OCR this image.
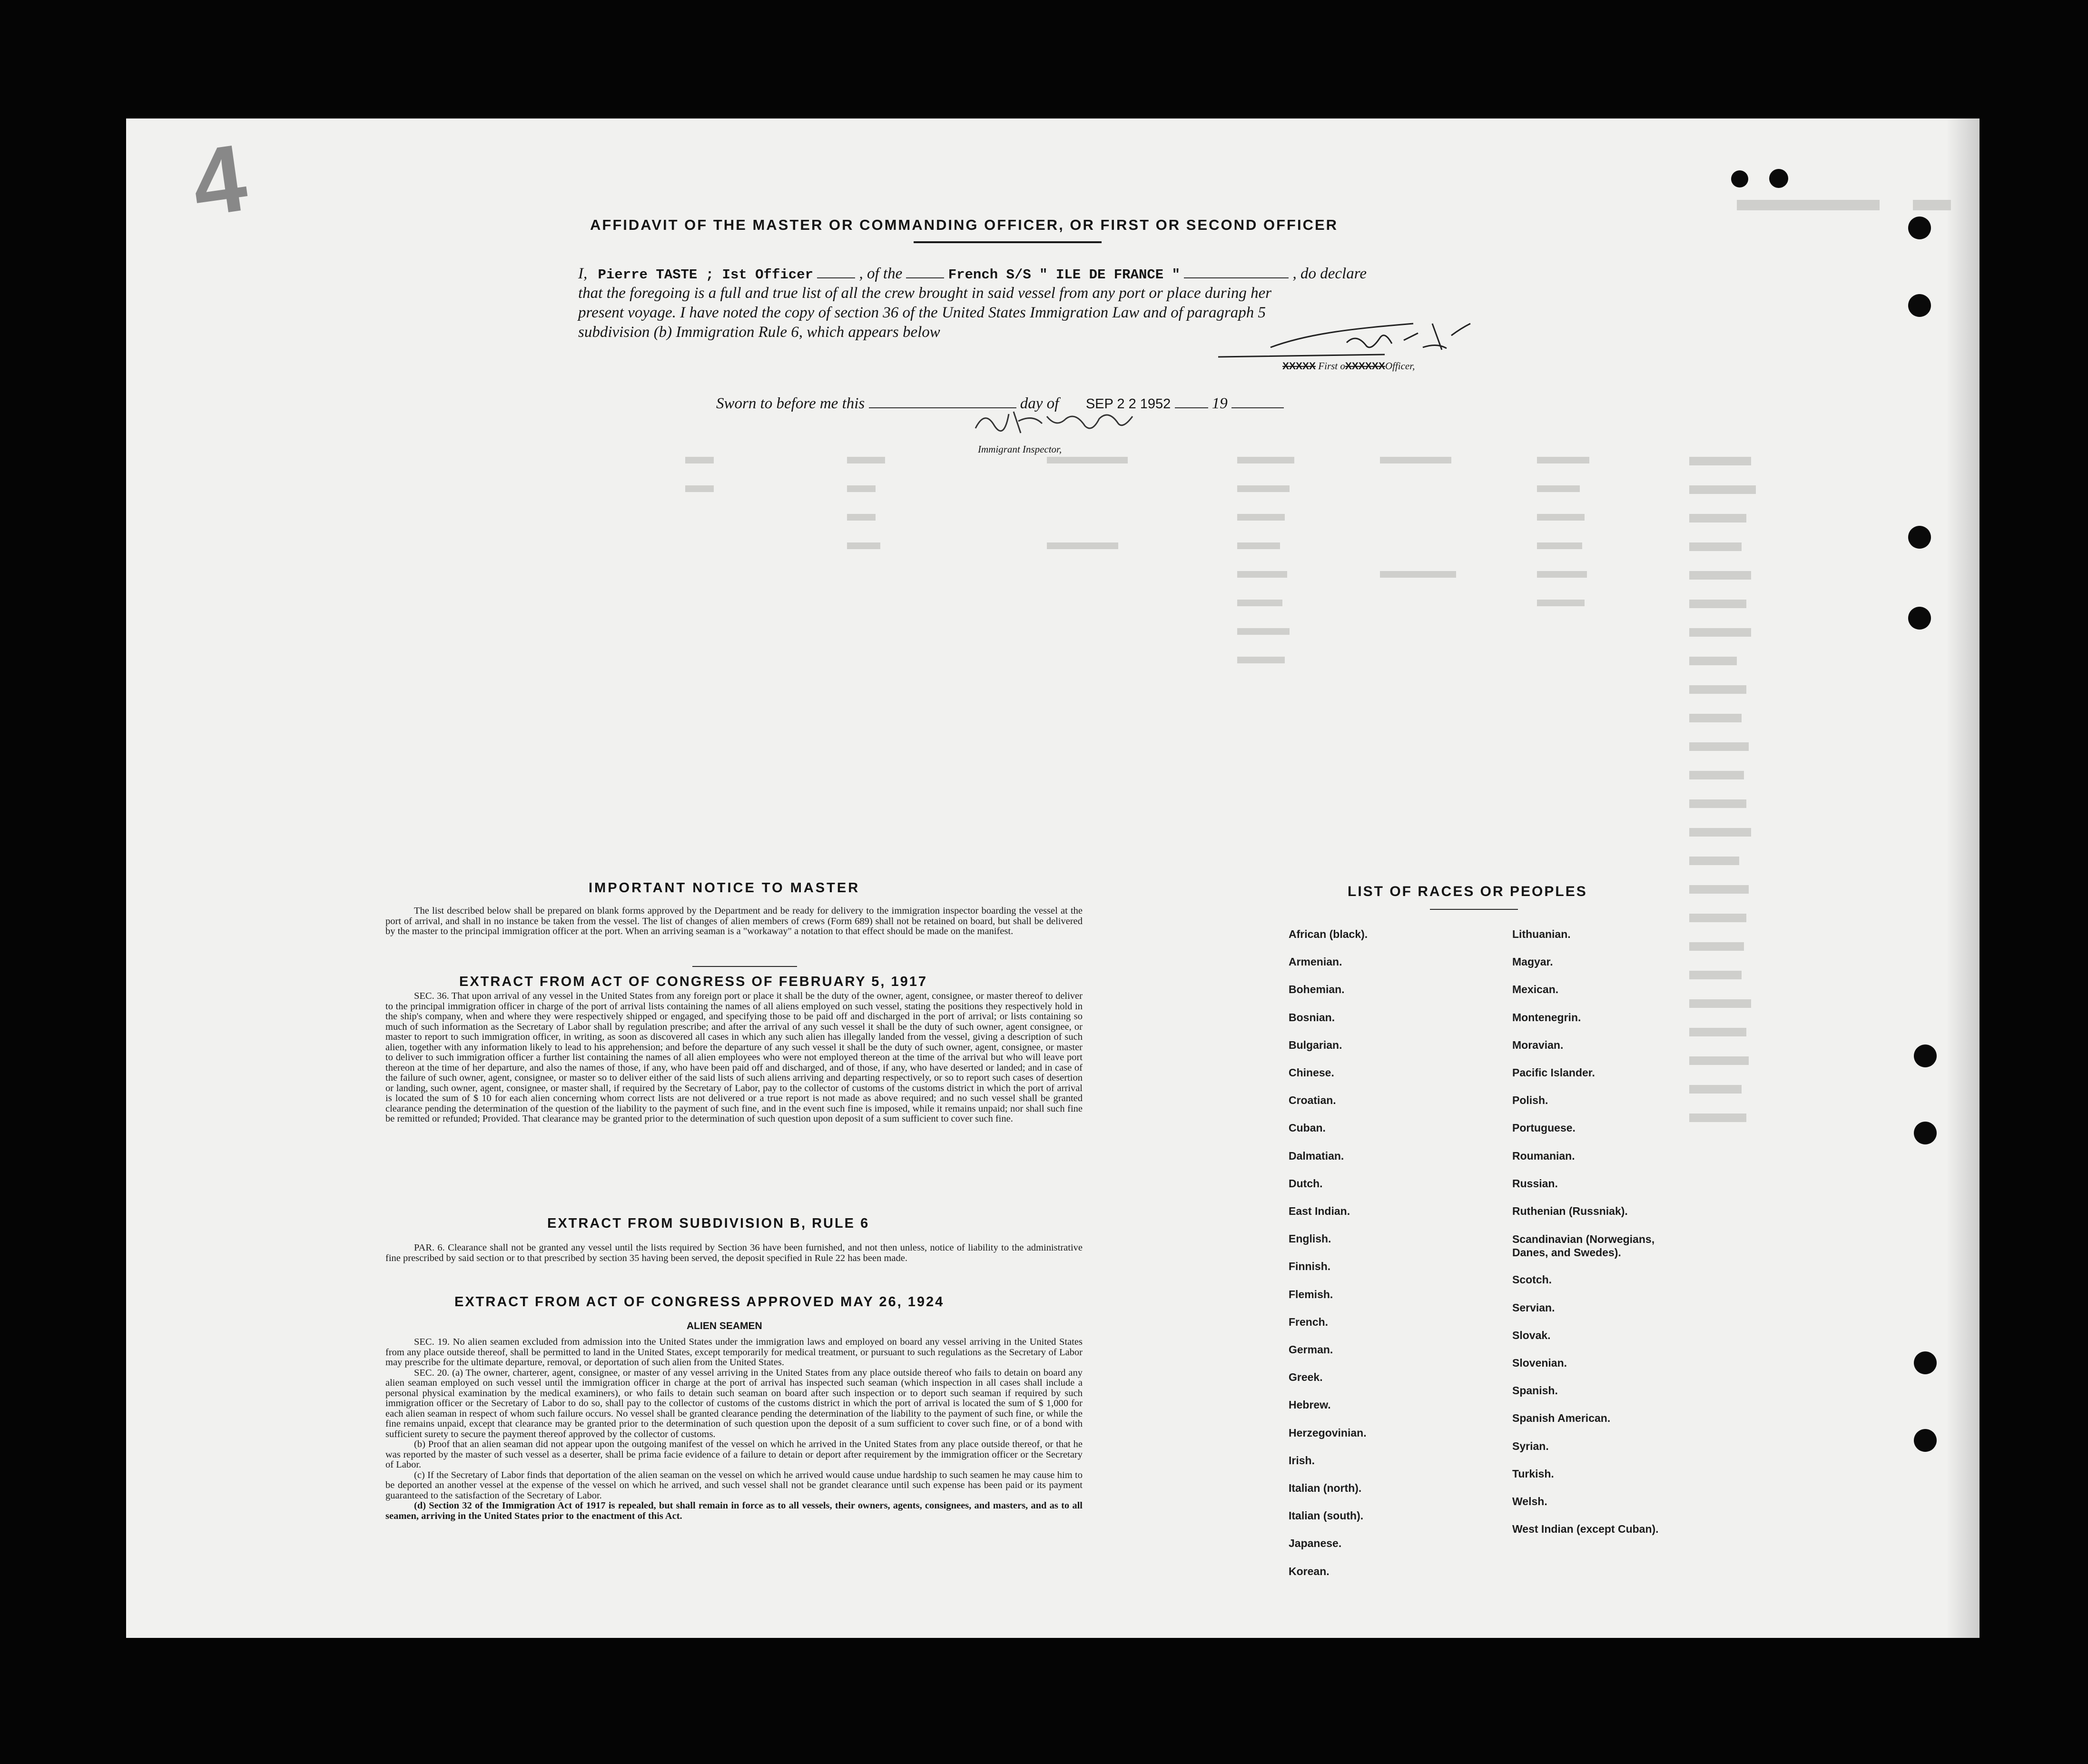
4	AFFIDAVIT OF THE MASTER OR COMMANDING OFFICER, OR FIRST OR SECOND OFFICER
I, Pierre TASTE ; Ist Officer	, of the	French S/S " ILE DE FRANCE "	, do declare
that the foregoing is a full and true list of all the crew brought in said vessel from any port or place during her
present voyage. I have noted the copy of section 36 of the United States Immigration Law and of paragraph 5
subdivision (b) Immigration Rule 6, which appears below
XXXXX First oXXXXXXOfficer,
Sworn to before me this	day of SEP 2 2 1952	19
Immigrant Inspector,
IMPORTANT NOTICE TO MASTER

The list described below shall be prepared on blank forms approved by the Department and be ready for delivery to the immigration inspector boarding the vessel at the port of arrival, and shall in no instance be taken from the vessel. The list of changes of alien members of crews (Form 689) shall not be retained on board, but shall be delivered by the master to the principal immigration officer at the port. When an arriving seaman is a "workaway" a notation to that effect should be made on the manifest.

EXTRACT FROM ACT OF CONGRESS OF FEBRUARY 5, 1917

SEC. 36. That upon arrival of any vessel in the United States from any foreign port or place it shall be the duty of the owner, agent, consignee, or master thereof to deliver to the principal immigration officer in charge of the port of arrival lists containing the names of all aliens employed on such vessel, stating the positions they respectively hold in the ship's company, when and where they were respectively shipped or engaged, and specifying those to be paid off and discharged in the port of arrival; or lists containing so much of such information as the Secretary of Labor shall by regulation prescribe; and after the arrival of any such vessel it shall be the duty of such owner, agent consignee, or master to report to such immigration officer, in writing, as soon as discovered all cases in which any such alien has illegally landed from the vessel, giving a description of such alien, together with any information likely to lead to his apprehension; and before the departure of any such vessel it shall be the duty of such owner, agent, consignee, or master to deliver to such immigration officer a further list containing the names of all alien employees who were not employed thereon at the time of the arrival but who will leave port thereon at the time of her departure, and also the names of those, if any, who have been paid off and discharged, and of those, if any, who have deserted or landed; and in case of the failure of such owner, agent, consignee, or master so to deliver either of the said lists of such aliens arriving and departing respectively, or so to report such cases of desertion or landing, such owner, agent, consignee, or master shall, if required by the Secretary of Labor, pay to the collector of customs of the customs district in which the port of arrival is located the sum of $ 10 for each alien concerning whom correct lists are not delivered or a true report is not made as above required; and no such vessel shall be granted clearance pending the determination of the question of the liability to the payment of such fine, and in the event such fine is imposed, while it remains unpaid; nor shall such fine be remitted or refunded; Provided. That clearance may be granted prior to the determination of such question upon deposit of a sum sufficient to cover such fine.

EXTRACT FROM SUBDIVISION B, RULE 6

PAR. 6. Clearance shall not be granted any vessel until the lists required by Section 36 have been furnished, and not then unless, notice of liability to the administrative fine prescribed by said section or to that prescribed by section 35 having been served, the deposit specified in Rule 22 has been made.

EXTRACT FROM ACT OF CONGRESS APPROVED MAY 26, 1924
ALIEN SEAMEN

SEC. 19. No alien seamen excluded from admission into the United States under the immigration laws and employed on board any vessel arriving in the United States from any place outside thereof, shall be permitted to land in the United States, except temporarily for medical treatment, or pursuant to such regulations as the Secretary of Labor may prescribe for the ultimate departure, removal, or deportation of such alien from the United States.

SEC. 20. (a) The owner, charterer, agent, consignee, or master of any vessel arriving in the United States from any place outside thereof who fails to detain on board any alien seaman employed on such vessel until the immigration officer in charge at the port of arrival has inspected such seaman (which inspection in all cases shall include a personal physical examination by the medical examiners), or who fails to detain such seaman on board after such inspection or to deport such seaman if required by such immigration officer or the Secretary of Labor to do so, shall pay to the collector of customs of the customs district in which the port of arrival is located the sum of $ 1,000 for each alien seaman in respect of whom such failure occurs. No vessel shall be granted clearance pending the determination of the liability to the payment of such fine, or while the fine remains unpaid, except that clearance may be granted prior to the determination of such question upon the deposit of a sum sufficient to cover such fine, or of a bond with sufficient surety to secure the payment thereof approved by the collector of customs.

(b) Proof that an alien seaman did not appear upon the outgoing manifest of the vessel on which he arrived in the United States from any place outside thereof, or that he was reported by the master of such vessel as a deserter, shall be prima facie evidence of a failure to detain or deport after requirement by the immigration officer or the Secretary of Labor.

(c) If the Secretary of Labor finds that deportation of the alien seaman on the vessel on which he arrived would cause undue hardship to such seamen he may cause him to be deported an another vessel at the expense of the vessel on which he arrived, and such vessel shall not be grandet clearance until such expense has been paid or its payment guaranteed to the satisfaction of the Secretary of Labor.

(d) Section 32 of the Immigration Act of 1917 is repealed, but shall remain in force as to all vessels, their owners, agents, consignees, and masters, and as to all seamen, arriving in the United States prior to the enactment of this Act.

LIST OF RACES OR PEOPLES
African (black).
Armenian.
Bohemian.
Bosnian.
Bulgarian.
Chinese.
Croatian.
Cuban.
Dalmatian.
Dutch.
East Indian.
English.
Finnish.
Flemish.
French.
German.
Greek.
Hebrew.
Herzegovinian.
Irish.
Italian (north).
Italian (south).
Japanese.
Korean.
Lithuanian.
Magyar.
Mexican.
Montenegrin.
Moravian.
Pacific Islander.
Polish.
Portuguese.
Roumanian.
Russian.
Ruthenian (Russniak).
Scandinavian (Norwegians, Danes, and Swedes).
Scotch.
Servian.
Slovak.
Slovenian.
Spanish.
Spanish American.
Syrian.
Turkish.
Welsh.
West Indian (except Cuban).
